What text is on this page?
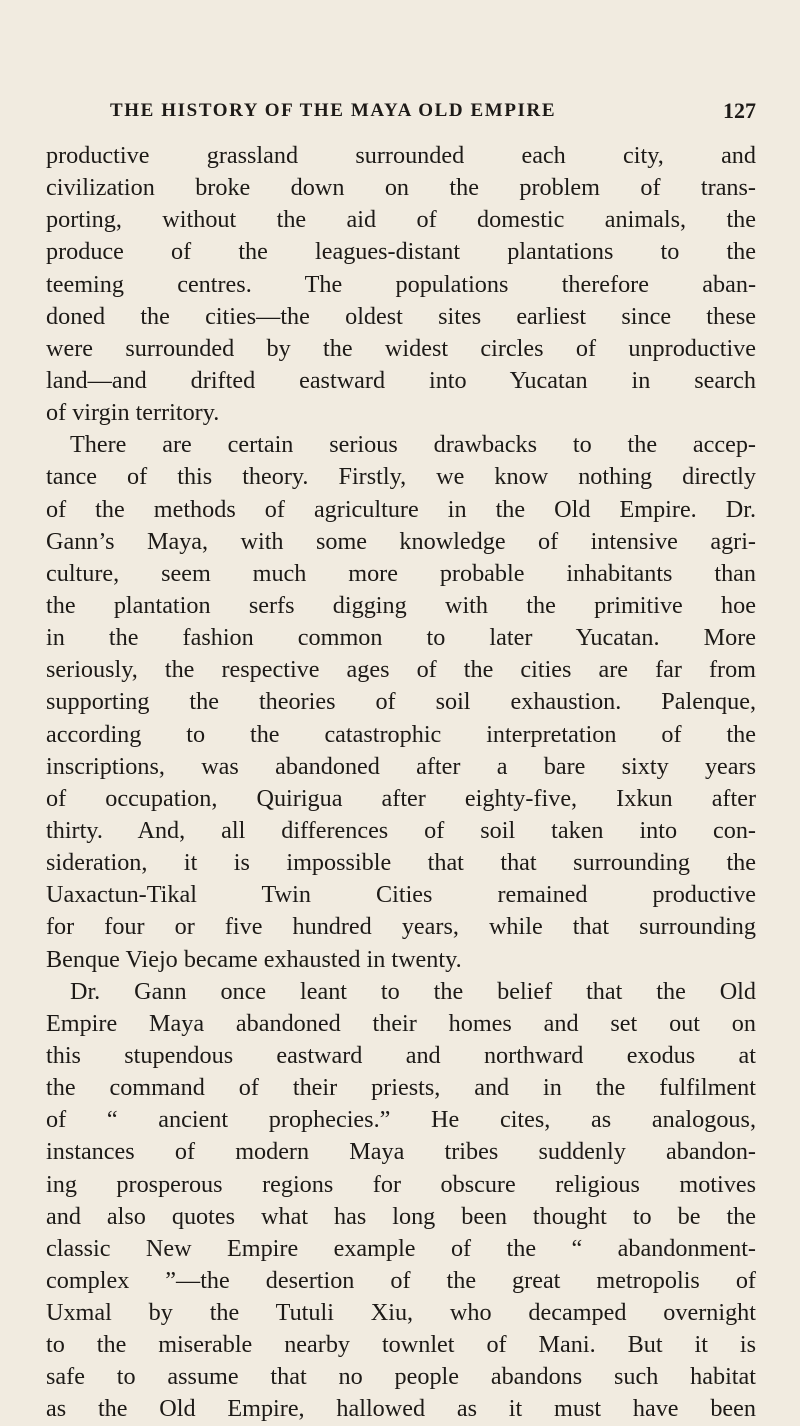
THE HISTORY OF THE MAYA OLD EMPIRE	127
productive grassland surrounded each city, and
civilization broke down on the problem of trans-
porting, without the aid of domestic animals, the
produce of the leagues-distant plantations to the
teeming centres. The populations therefore aban-
doned the cities—the oldest sites earliest since these
were surrounded by the widest circles of unproductive
land—and drifted eastward into Yucatan in search
of virgin territory.
There are certain serious drawbacks to the accep-
tance of this theory. Firstly, we know nothing directly
of the methods of agriculture in the Old Empire. Dr.
Gann’s Maya, with some knowledge of intensive agri-
culture, seem much more probable inhabitants than
the plantation serfs digging with the primitive hoe
in the fashion common to later Yucatan. More
seriously, the respective ages of the cities are far from
supporting the theories of soil exhaustion. Palenque,
according to the catastrophic interpretation of the
inscriptions, was abandoned after a bare sixty years
of occupation, Quirigua after eighty-five, Ixkun after
thirty. And, all differences of soil taken into con-
sideration, it is impossible that that surrounding the
Uaxactun-Tikal Twin Cities remained productive
for four or five hundred years, while that surrounding
Benque Viejo became exhausted in twenty.
Dr. Gann once leant to the belief that the Old
Empire Maya abandoned their homes and set out on
this stupendous eastward and northward exodus at
the command of their priests, and in the fulfilment
of “ ancient prophecies.” He cites, as analogous,
instances of modern Maya tribes suddenly abandon-
ing prosperous regions for obscure religious motives
and also quotes what has long been thought to be the
classic New Empire example of the “ abandonment-
complex ”—the desertion of the great metropolis of
Uxmal by the Tutuli Xiu, who decamped overnight
to the miserable nearby townlet of Mani. But it is
safe to assume that no people abandons such habitat
as the Old Empire, hallowed as it must have been
